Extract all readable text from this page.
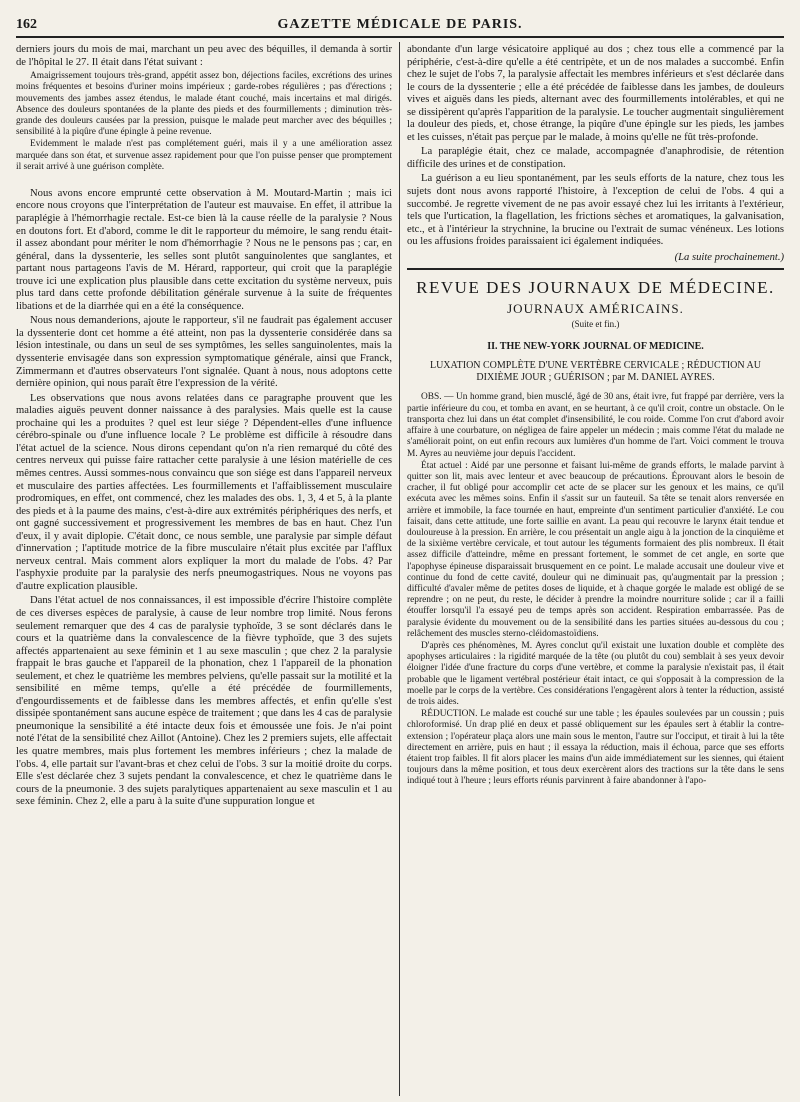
162	GAZETTE MÉDICALE DE PARIS.

derniers jours du mois de mai, marchant un peu avec des béquilles, il demanda à sortir de l'hôpital le 27. Il était dans l'état suivant :

Amaigrissement toujours très-grand, appétit assez bon, déjections faciles, excrétions des urines moins fréquentes et besoins d'uriner moins impérieux ; garde-robes régulières ; pas d'érections ; mouvements des jambes assez étendus, le malade étant couché, mais incertains et mal dirigés. Absence des douleurs spontanées de la plante des pieds et des fourmillements ; diminution très-grande des douleurs causées par la pression, puisque le malade peut marcher avec des béquilles ; sensibilité à la piqûre d'une épingle à peine revenue.

Evidemment le malade n'est pas complétement guéri, mais il y a une amélioration assez marquée dans son état, et survenue assez rapidement pour que l'on puisse penser que promptement il serait arrivé à une guérison complète.

Nous avons encore emprunté cette observation à M. Moutard-Martin ; mais ici encore nous croyons que l'interprétation de l'auteur est mauvaise. En effet, il attribue la paraplégie à l'hémorrhagie rectale. Est-ce bien là la cause réelle de la paralysie ? Nous en doutons fort. Et d'abord, comme le dit le rapporteur du mémoire, le sang rendu était-il assez abondant pour mériter le nom d'hémorrhagie ? Nous ne le pensons pas ; car, en général, dans la dyssenterie, les selles sont plutôt sanguinolentes que sanglantes, et partant nous partageons l'avis de M. Hérard, rapporteur, qui croit que la paraplégie trouve ici une explication plus plausible dans cette excitation du système nerveux, puis plus tard dans cette profonde débilitation générale survenue à la suite de fréquentes libations et de la diarrhée qui en a été la conséquence.

Nous nous demanderions, ajoute le rapporteur, s'il ne faudrait pas également accuser la dyssenterie dont cet homme a été atteint, non pas la dyssenterie considérée dans sa lésion intestinale, ou dans un seul de ses symptômes, les selles sanguinolentes, mais la dyssenterie envisagée dans son expression symptomatique générale, ainsi que Franck, Zimmermann et d'autres observateurs l'ont signalée. Quant à nous, nous adoptons cette dernière opinion, qui nous paraît être l'expression de la vérité.

Les observations que nous avons relatées dans ce paragraphe prouvent que les maladies aiguës peuvent donner naissance à des paralysies. Mais quelle est la cause prochaine qui les a produites ? quel est leur siége ? Dépendent-elles d'une influence cérébro-spinale ou d'une influence locale ? Le problème est difficile à résoudre dans l'état actuel de la science. Nous dirons cependant qu'on n'a rien remarqué du côté des centres nerveux qui puisse faire rattacher cette paralysie à une lésion matérielle de ces mêmes centres. Aussi sommes-nous convaincu que son siége est dans l'appareil nerveux et musculaire des parties affectées. Les fourmillements et l'affaiblissement musculaire prodromiques, en effet, ont commencé, chez les malades des obs. 1, 3, 4 et 5, à la plante des pieds et à la paume des mains, c'est-à-dire aux extrémités périphériques des nerfs, et ont gagné successivement et progressivement les membres de bas en haut. Chez l'un d'eux, il y avait diplopie. C'était donc, ce nous semble, une paralysie par simple défaut d'innervation ; l'aptitude motrice de la fibre musculaire n'était plus excitée par l'afflux nerveux central. Mais comment alors expliquer la mort du malade de l'obs. 4? Par l'asphyxie produite par la paralysie des nerfs pneumogastriques. Nous ne voyons pas d'autre explication plausible.

Dans l'état actuel de nos connaissances, il est impossible d'écrire l'histoire complète de ces diverses espèces de paralysie, à cause de leur nombre trop limité. Nous ferons seulement remarquer que des 4 cas de paralysie typhoïde, 3 se sont déclarés dans le cours et la quatrième dans la convalescence de la fièvre typhoïde, que 3 des sujets affectés appartenaient au sexe féminin et 1 au sexe masculin ; que chez 2 la paralysie frappait le bras gauche et l'appareil de la phonation, chez 1 l'appareil de la phonation seulement, et chez le quatrième les membres pelviens, qu'elle passait sur la motilité et la sensibilité en même temps, qu'elle a été précédée de fourmillements, d'engourdissements et de faiblesse dans les membres affectés, et enfin qu'elle s'est dissipée spontanément sans aucune espèce de traitement ; que dans les 4 cas de paralysie pneumonique la sensibilité a été intacte deux fois et émoussée une fois. Je n'ai point noté l'état de la sensibilité chez Aillot (Antoine). Chez les 2 premiers sujets, elle affectait les quatre membres, mais plus fortement les membres inférieurs ; chez la malade de l'obs. 4, elle partait sur l'avant-bras et chez celui de l'obs. 3 sur la moitié droite du corps. Elle s'est déclarée chez 3 sujets pendant la convalescence, et chez le quatrième dans le cours de la pneumonie. 3 des sujets paralytiques appartenaient au sexe masculin et 1 au sexe féminin. Chez 2, elle a paru à la suite d'une suppuration longue et

abondante d'un large vésicatoire appliqué au dos ; chez tous elle a commencé par la périphérie, c'est-à-dire qu'elle a été centripète, et un de nos malades a succombé. Enfin chez le sujet de l'obs 7, la paralysie affectait les membres inférieurs et s'est déclarée dans le cours de la dyssenterie ; elle a été précédée de faiblesse dans les jambes, de douleurs vives et aiguës dans les pieds, alternant avec des fourmillements intolérables, et qui ne se dissipèrent qu'après l'apparition de la paralysie. Le toucher augmentait singulièrement la douleur des pieds, et, chose étrange, la piqûre d'une épingle sur les pieds, les jambes et les cuisses, n'était pas perçue par le malade, à moins qu'elle ne fût très-profonde.

La paraplégie était, chez ce malade, accompagnée d'anaphrodisie, de rétention difficile des urines et de constipation.

La guérison a eu lieu spontanément, par les seuls efforts de la nature, chez tous les sujets dont nous avons rapporté l'histoire, à l'exception de celui de l'obs. 4 qui a succombé. Je regrette vivement de ne pas avoir essayé chez lui les irritants à l'extérieur, tels que l'urtication, la flagellation, les frictions sèches et aromatiques, la galvanisation, etc., et à l'intérieur la strychnine, la brucine ou l'extrait de sumac vénéneux. Les lotions ou les affusions froides paraissaient ici également indiquées.

(La suite prochainement.)

REVUE DES JOURNAUX DE MÉDECINE.
JOURNAUX AMÉRICAINS.
(Suite et fin.)
II. THE NEW-YORK JOURNAL OF MEDICINE.
LUXATION COMPLÈTE D'UNE VERTÈBRE CERVICALE ; RÉDUCTION AU DIXIÈME JOUR ; GUÉRISON ; par M. DANIEL AYRES.

OBS. — Un homme grand, bien musclé, âgé de 30 ans, était ivre, fut frappé par derrière, vers la partie inférieure du cou, et tomba en avant, en se heurtant, à ce qu'il croit, contre un obstacle. On le transporta chez lui dans un état complet d'insensibilité, le cou roide. Comme l'on crut d'abord avoir affaire à une courbature, on négligea de faire appeler un médecin ; mais comme l'état du malade ne s'améliorait point, on eut enfin recours aux lumières d'un homme de l'art. Voici comment le trouva M. Ayres au neuvième jour depuis l'accident.

État actuel : Aidé par une personne et faisant lui-même de grands efforts, le malade parvint à quitter son lit, mais avec lenteur et avec beaucoup de précautions. Éprouvant alors le besoin de cracher, il fut obligé pour accomplir cet acte de se placer sur les genoux et les mains, ce qu'il exécuta avec les mêmes soins. Enfin il s'assit sur un fauteuil. Sa tête se tenait alors renversée en arrière et immobile, la face tournée en haut, empreinte d'un sentiment particulier d'anxiété. Le cou faisait, dans cette attitude, une forte saillie en avant. La peau qui recouvre le larynx était tendue et douloureuse à la pression. En arrière, le cou présentait un angle aigu à la jonction de la cinquième et de la sixième vertèbre cervicale, et tout autour les téguments formaient des plis nombreux. Il était assez difficile d'atteindre, même en pressant fortement, le sommet de cet angle, en sorte que l'apophyse épineuse disparaissait brusquement en ce point. Le malade accusait une douleur vive et continue du fond de cette cavité, douleur qui ne diminuait pas, qu'augmentait par la pression ; difficulté d'avaler même de petites doses de liquide, et à chaque gorgée le malade est obligé de se reprendre ; on ne peut, du reste, le décider à prendre la moindre nourriture solide ; car il a failli étouffer lorsqu'il l'a essayé peu de temps après son accident. Respiration embarrassée. Pas de paralysie évidente du mouvement ou de la sensibilité dans les parties situées au-dessous du cou ; relâchement des muscles sterno-cléidomastoïdiens.

D'après ces phénomènes, M. Ayres conclut qu'il existait une luxation double et complète des apophyses articulaires : la rigidité marquée de la tête (ou plutôt du cou) semblait à ses yeux devoir éloigner l'idée d'une fracture du corps d'une vertèbre, et comme la paralysie n'existait pas, il était probable que le ligament vertébral postérieur était intact, ce qui s'opposait à la compression de la moelle par le corps de la vertèbre. Ces considérations l'engagèrent alors à tenter la réduction, assisté de trois aides.

RÉDUCTION. Le malade est couché sur une table ; les épaules soulevées par un coussin ; puis chloroformisé. Un drap plié en deux et passé obliquement sur les épaules sert à établir la contre-extension ; l'opérateur plaça alors une main sous le menton, l'autre sur l'occiput, et tirait à lui la tête directement en arrière, puis en haut ; il essaya la réduction, mais il échoua, parce que ses efforts étaient trop faibles. Il fit alors placer les mains d'un aide immédiatement sur les siennes, qui étaient toujours dans la même position, et tous deux exercèrent alors des tractions sur la tête dans le sens indiqué tout à l'heure ; leurs efforts réunis parvinrent à faire abandonner à l'apo-
